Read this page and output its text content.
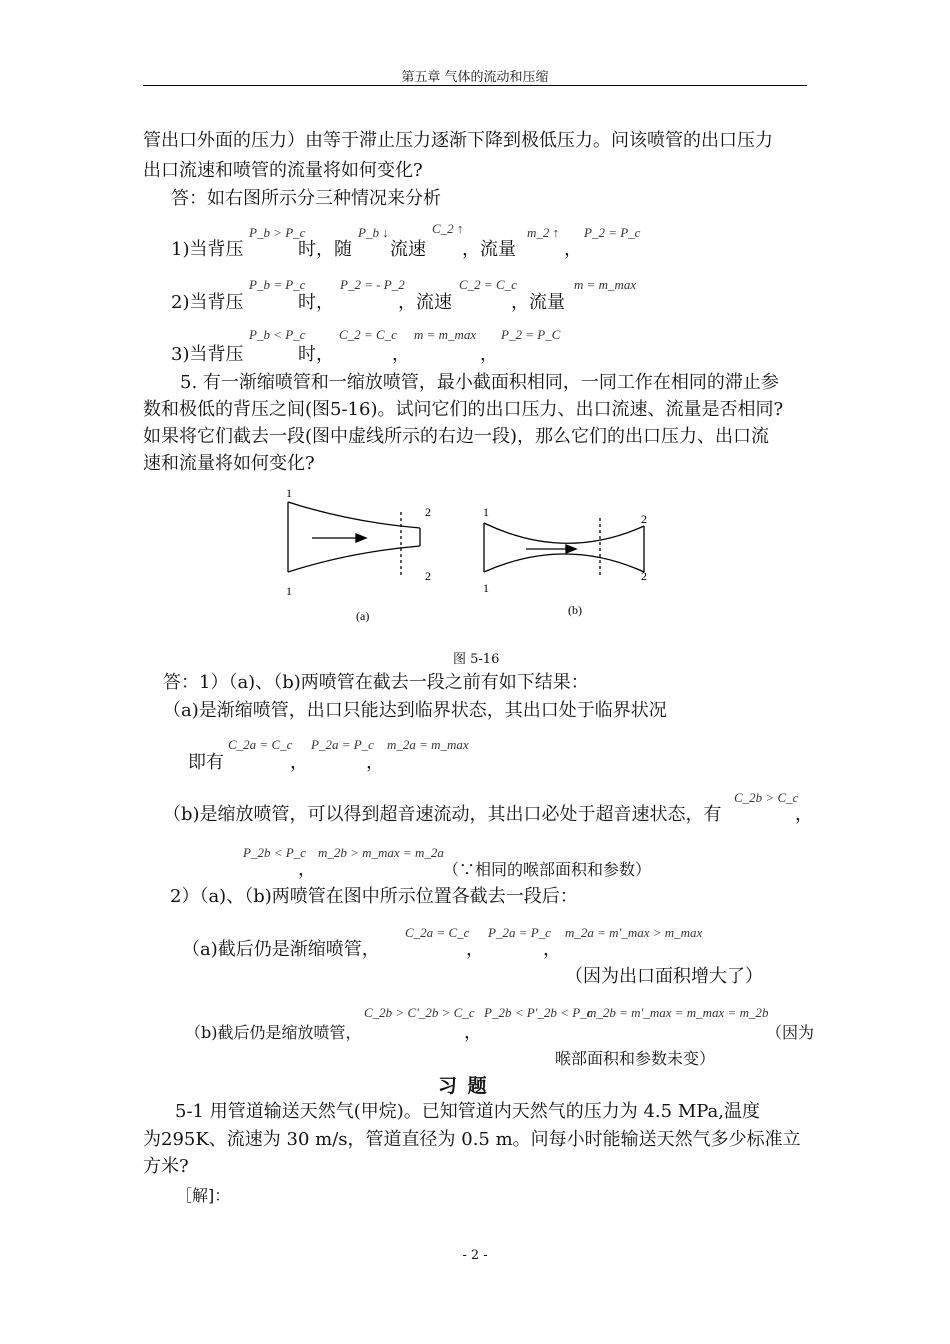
第五章 气体的流动和压缩
管出口外面的压力）由等于滞止压力逐渐下降到极低压力。问该喷管的出口压力
出口流速和喷管的流量将如何变化?
答：如右图所示分三种情况来分析
1)当背压
P_b > P_c
时，随
P_b ↓
流速
C_2 ↑
，流量
m_2 ↑
，
P_2 = P_c
2)当背压
P_b = P_c
时，
P_2 = - P_2
，流速
C_2 = C_c
，流量
m = m_max
3)当背压
P_b < P_c
时，
C_2 = C_c
，
m = m_max
，
P_2 = P_C
5. 有一渐缩喷管和一缩放喷管，最小截面积相同，一同工作在相同的滞止参
数和极低的背压之间(图5-16)。试问它们的出口压力、出口流速、流量是否相同?
如果将它们截去一段(图中虚线所示的右边一段)，那么它们的出口压力、出口流
速和流量将如何变化?
1
1
2
2
1
1
2
2
(a)	(b)
图 5-16
答：1）（a)、（b)两喷管在截去一段之前有如下结果：
（a)是渐缩喷管，出口只能达到临界状态，其出口处于临界状况
即有
C_2a = C_c
，
P_2a = P_c
，
m_2a = m_max
（b)是缩放喷管，可以得到超音速流动，其出口必处于超音速状态，有
C_2b > C_c
，
P_2b < P_c
，
m_2b > m_max = m_2a
（∵相同的喉部面积和参数）
2）（a)、（b)两喷管在图中所示位置各截去一段后：
（a)截后仍是渐缩喷管，
C_2a = C_c
，
P_2a = P_c
，
m_2a = m'_max > m_max
（因为出口面积增大了）
（b)截后仍是缩放喷管，
C_2b > C'_2b > C_c
，
P_2b < P'_2b < P_c
m_2b = m'_max = m_max = m_2b
（因为
喉部面积和参数未变）
习 题
5-1 用管道输送天然气(甲烷)。已知管道内天然气的压力为 4.5 MPa,温度
为295K、流速为 30 m/s，管道直径为 0.5 m。问每小时能输送天然气多少标准立
方米?
［解]：
- 2 -
